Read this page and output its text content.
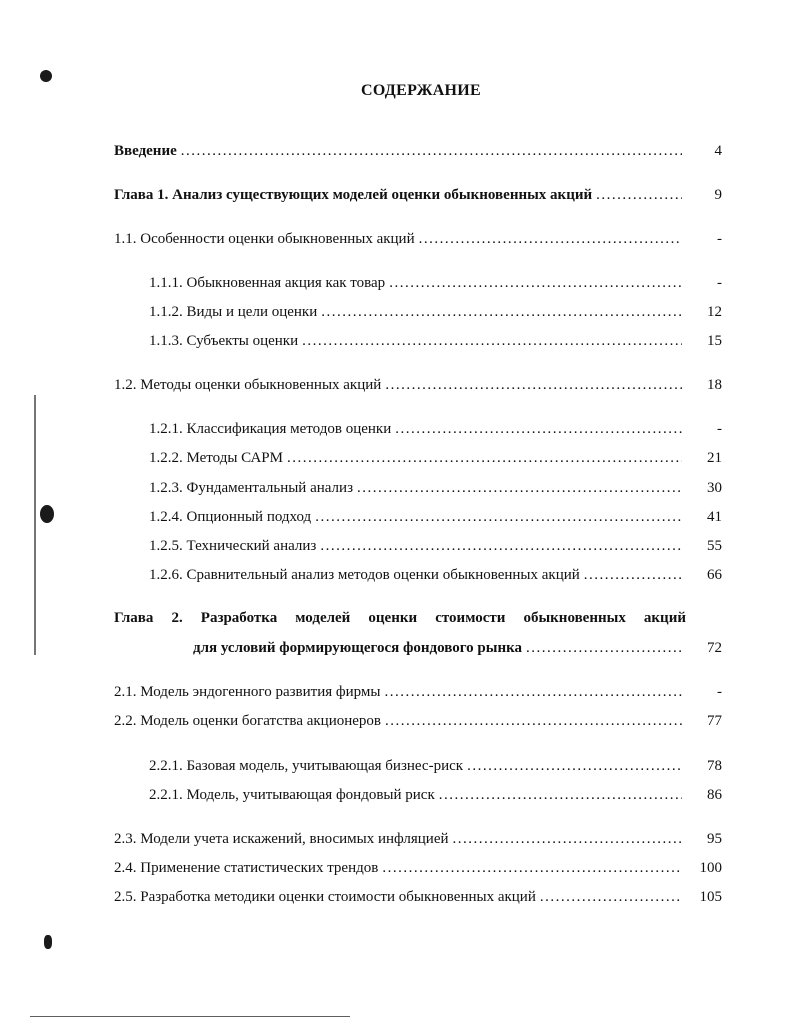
СОДЕРЖАНИЕ
Введение .....	4
Глава 1. Анализ существующих моделей оценки обыкновенных акций .....	9
1.1. Особенности оценки обыкновенных акций .....	-
1.1.1. Обыкновенная акция как товар .....	-
1.1.2. Виды и цели оценки .....	12
1.1.3. Субъекты оценки .....	15
1.2. Методы оценки обыкновенных акций .....	18
1.2.1. Классификация методов оценки .....	-
1.2.2. Методы САРМ .....	21
1.2.3. Фундаментальный анализ .....	30
1.2.4. Опционный подход .....	41
1.2.5. Технический анализ .....	55
1.2.6. Сравнительный анализ методов оценки обыкновенных акций .....	66
Глава 2. Разработка моделей оценки стоимости обыкновенных акций
для условий формирующегося фондового рынка .....	72
2.1. Модель эндогенного развития фирмы .....	-
2.2. Модель оценки богатства акционеров .....	77
2.2.1. Базовая модель, учитывающая бизнес-риск .....	78
2.2.1. Модель, учитывающая фондовый риск .....	86
2.3. Модели учета искажений, вносимых инфляцией .....	95
2.4. Применение статистических трендов .....	100
2.5. Разработка методики оценки стоимости обыкновенных акций .....	105
